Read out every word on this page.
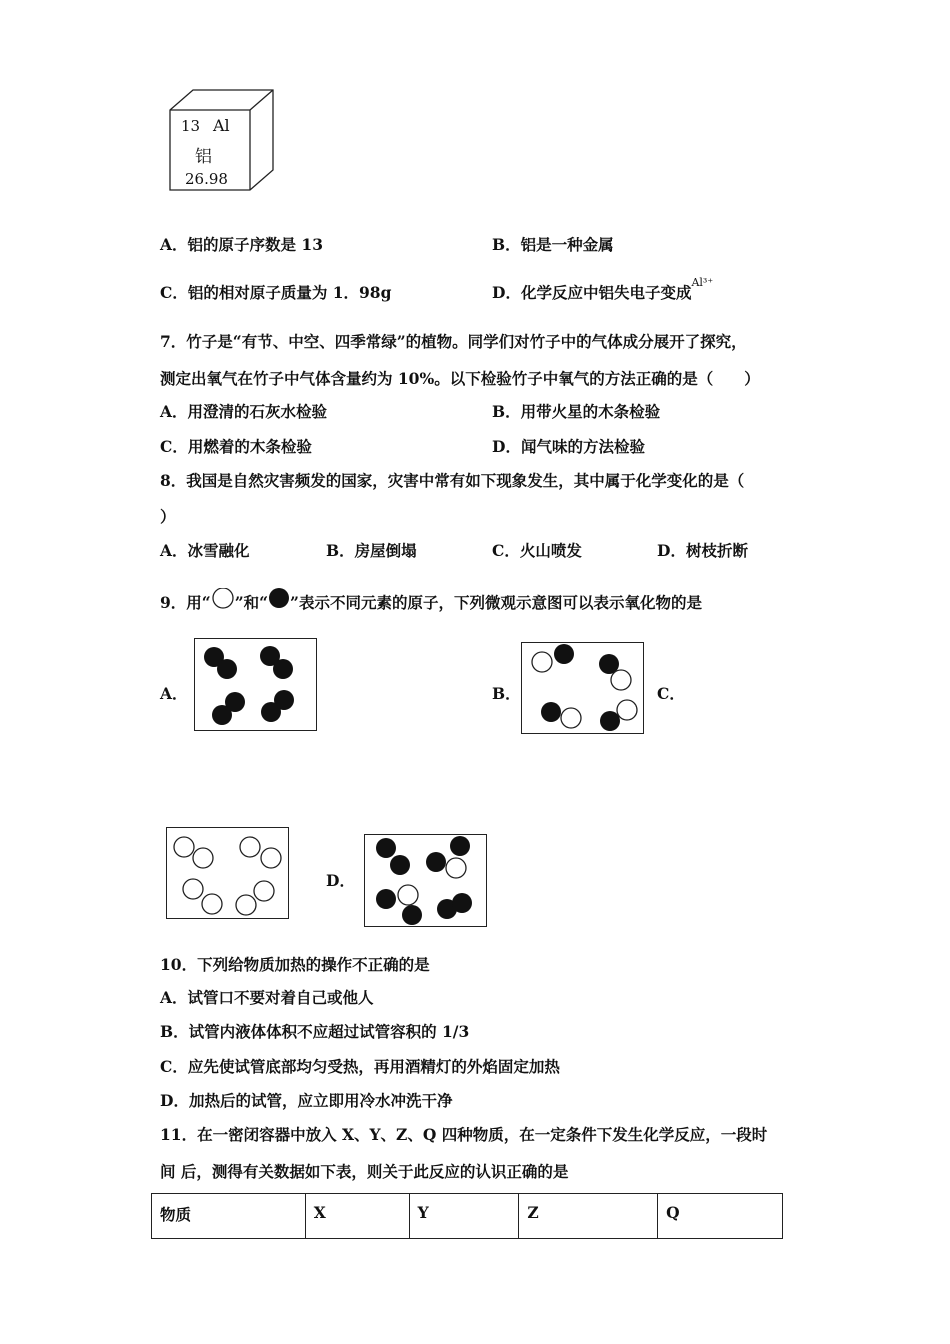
13 Al
铝
26.98
A．铝的原子序数是 13	B．铝是一种金属
C．铝的相对原子质量为 1．98g	D．化学反应中铝失电子变成$^{Al^{3+}}$
7．竹子是“有节、中空、四季常绿”的植物。同学们对竹子中的气体成分展开了探究，
测定出氧气在竹子中气体含量约为 10%。以下检验竹子中氧气的方法正确的是（　　）
A．用澄清的石灰水检验	B．用带火星的木条检验
C．用燃着的木条检验	D．闻气味的方法检验
8．我国是自然灾害频发的国家，灾害中常有如下现象发生，其中属于化学变化的是（
）
A．冰雪融化	B．房屋倒塌	C．火山喷发	D．树枝折断
9．用“ ”和“ ”表示不同元素的原子，下列微观示意图可以表示氧化物的是
A．	B．	C．
D．
10．下列给物质加热的操作不正确的是
A．试管口不要对着自己或他人
B．试管内液体体积不应超过试管容积的 1/3
C．应先使试管底部均匀受热，再用酒精灯的外焰固定加热
D．加热后的试管，应立即用冷水冲洗干净
11．在一密闭容器中放入 X、Y、Z、Q 四种物质，在一定条件下发生化学反应，一段时
间 后，测得有关数据如下表，则关于此反应的认识正确的是
物质	X	Y	Z	Q
